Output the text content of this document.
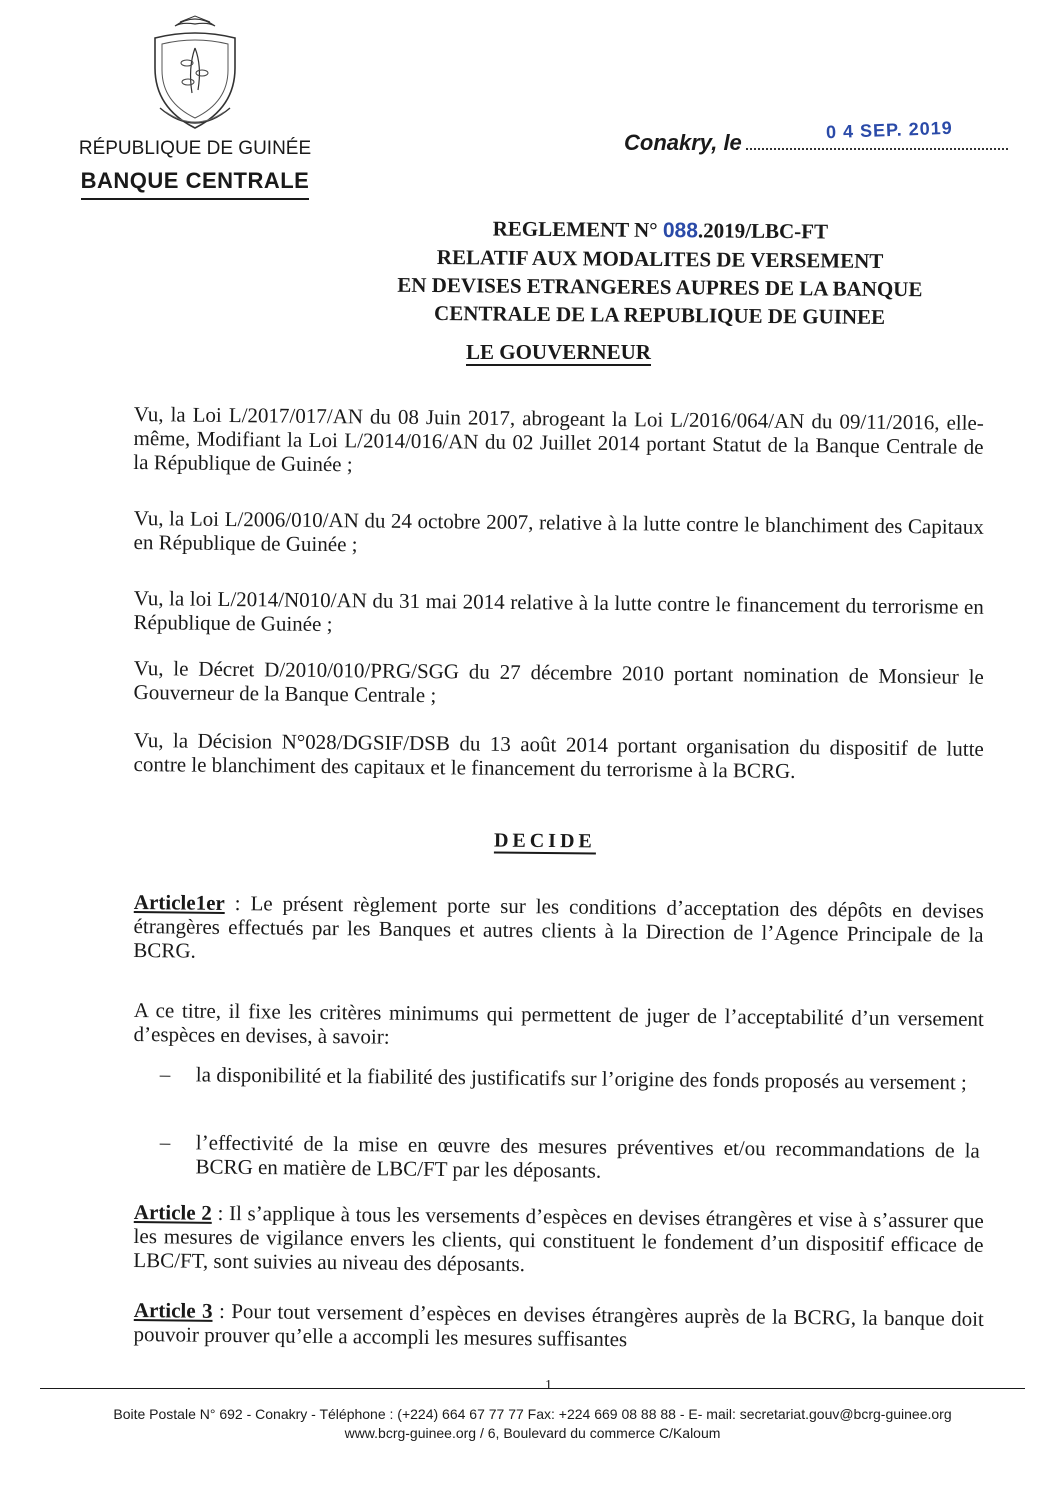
RÉPUBLIQUE DE GUINÉE
BANQUE CENTRALE
Conakry, le	0 4 SEP. 2019
REGLEMENT N° 088.2019/LBC-FT
RELATIF AUX MODALITES DE VERSEMENT
EN DEVISES ETRANGERES AUPRES DE LA BANQUE
CENTRALE DE LA REPUBLIQUE DE GUINEE
LE GOUVERNEUR
Vu, la Loi L/2017/017/AN du 08 Juin 2017, abrogeant la Loi L/2016/064/AN du 09/11/2016, elle-même, Modifiant la Loi L/2014/016/AN du 02 Juillet 2014 portant Statut de la Banque Centrale de la République de Guinée ;
Vu, la Loi L/2006/010/AN du 24 octobre 2007, relative à la lutte contre le blanchiment des Capitaux en République de Guinée ;
Vu, la loi L/2014/N010/AN du 31 mai 2014 relative à la lutte contre le financement du terrorisme en République de Guinée ;
Vu, le Décret D/2010/010/PRG/SGG du 27 décembre 2010 portant nomination de Monsieur le Gouverneur de la Banque Centrale ;
Vu, la Décision N°028/DGSIF/DSB du 13 août 2014 portant organisation du dispositif de lutte contre le blanchiment des capitaux et le financement du terrorisme à la BCRG.
DECIDE
Article1er : Le présent règlement porte sur les conditions d’acceptation des dépôts en devises étrangères effectués par les Banques et autres clients à la Direction de l’Agence Principale de la BCRG.
A ce titre, il fixe les critères minimums qui permettent de juger de l’acceptabilité d’un versement d’espèces en devises, à savoir:
– la disponibilité et la fiabilité des justificatifs sur l’origine des fonds proposés au versement ;
– l’effectivité de la mise en œuvre des mesures préventives et/ou recommandations de la BCRG en matière de LBC/FT par les déposants.
Article 2 : Il s’applique à tous les versements d’espèces en devises étrangères et vise à s’assurer que les mesures de vigilance envers les clients, qui constituent le fondement d’un dispositif efficace de LBC/FT, sont suivies au niveau des déposants.
Article 3 : Pour tout versement d’espèces en devises étrangères auprès de la BCRG, la banque doit pouvoir prouver qu’elle a accompli les mesures suffisantes
1
Boite Postale N° 692 - Conakry - Téléphone : (+224) 664 67 77 77 Fax: +224 669 08 88 88 - E- mail: secretariat.gouv@bcrg-guinee.org
www.bcrg-guinee.org / 6, Boulevard du commerce C/Kaloum
